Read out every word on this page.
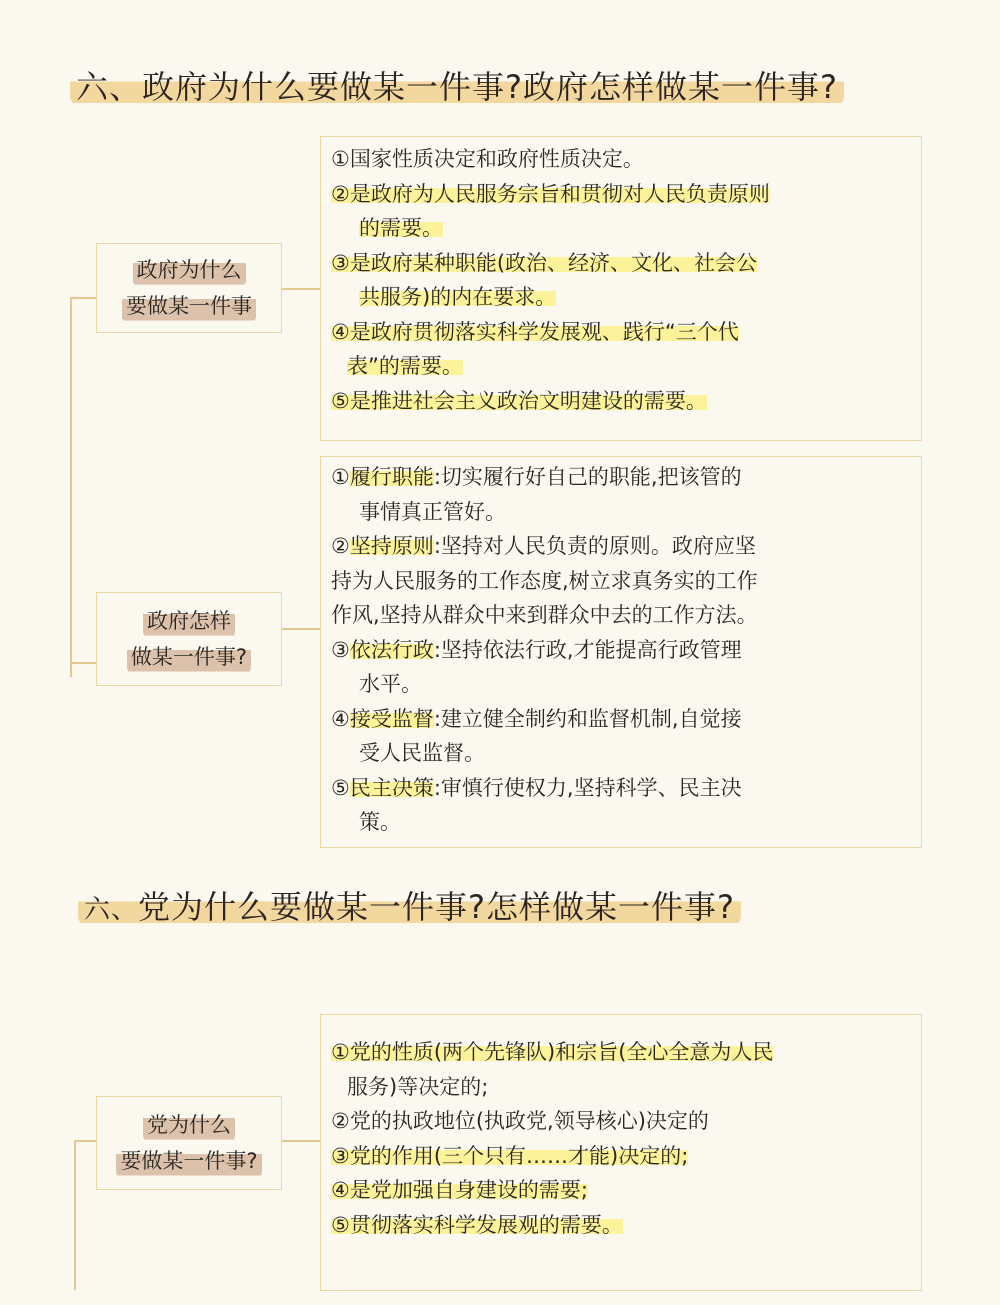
六、政府为什么要做某一件事?政府怎样做某一件事?
政府为什么
要做某一件事
①国家性质决定和政府性质决定。
②是政府为人民服务宗旨和贯彻对人民负责原则
的需要。
③是政府某种职能(政治、经济、文化、社会公
共服务)的内在要求。
④是政府贯彻落实科学发展观、践行“三个代
表”的需要。
⑤是推进社会主义政治文明建设的需要。
政府怎样
做某一件事?
①履行职能:切实履行好自己的职能,把该管的
事情真正管好。
②坚持原则:坚持对人民负责的原则。政府应坚
持为人民服务的工作态度,树立求真务实的工作
作风,坚持从群众中来到群众中去的工作方法。
③依法行政:坚持依法行政,才能提高行政管理
水平。
④接受监督:建立健全制约和监督机制,自觉接
受人民监督。
⑤民主决策:审慎行使权力,坚持科学、民主决
策。
六、党为什么要做某一件事?怎样做某一件事?
党为什么
要做某一件事?
①党的性质(两个先锋队)和宗旨(全心全意为人民
服务)等决定的;
②党的执政地位(执政党,领导核心)决定的
③党的作用(三个只有……才能)决定的;
④是党加强自身建设的需要;
⑤贯彻落实科学发展观的需要。
